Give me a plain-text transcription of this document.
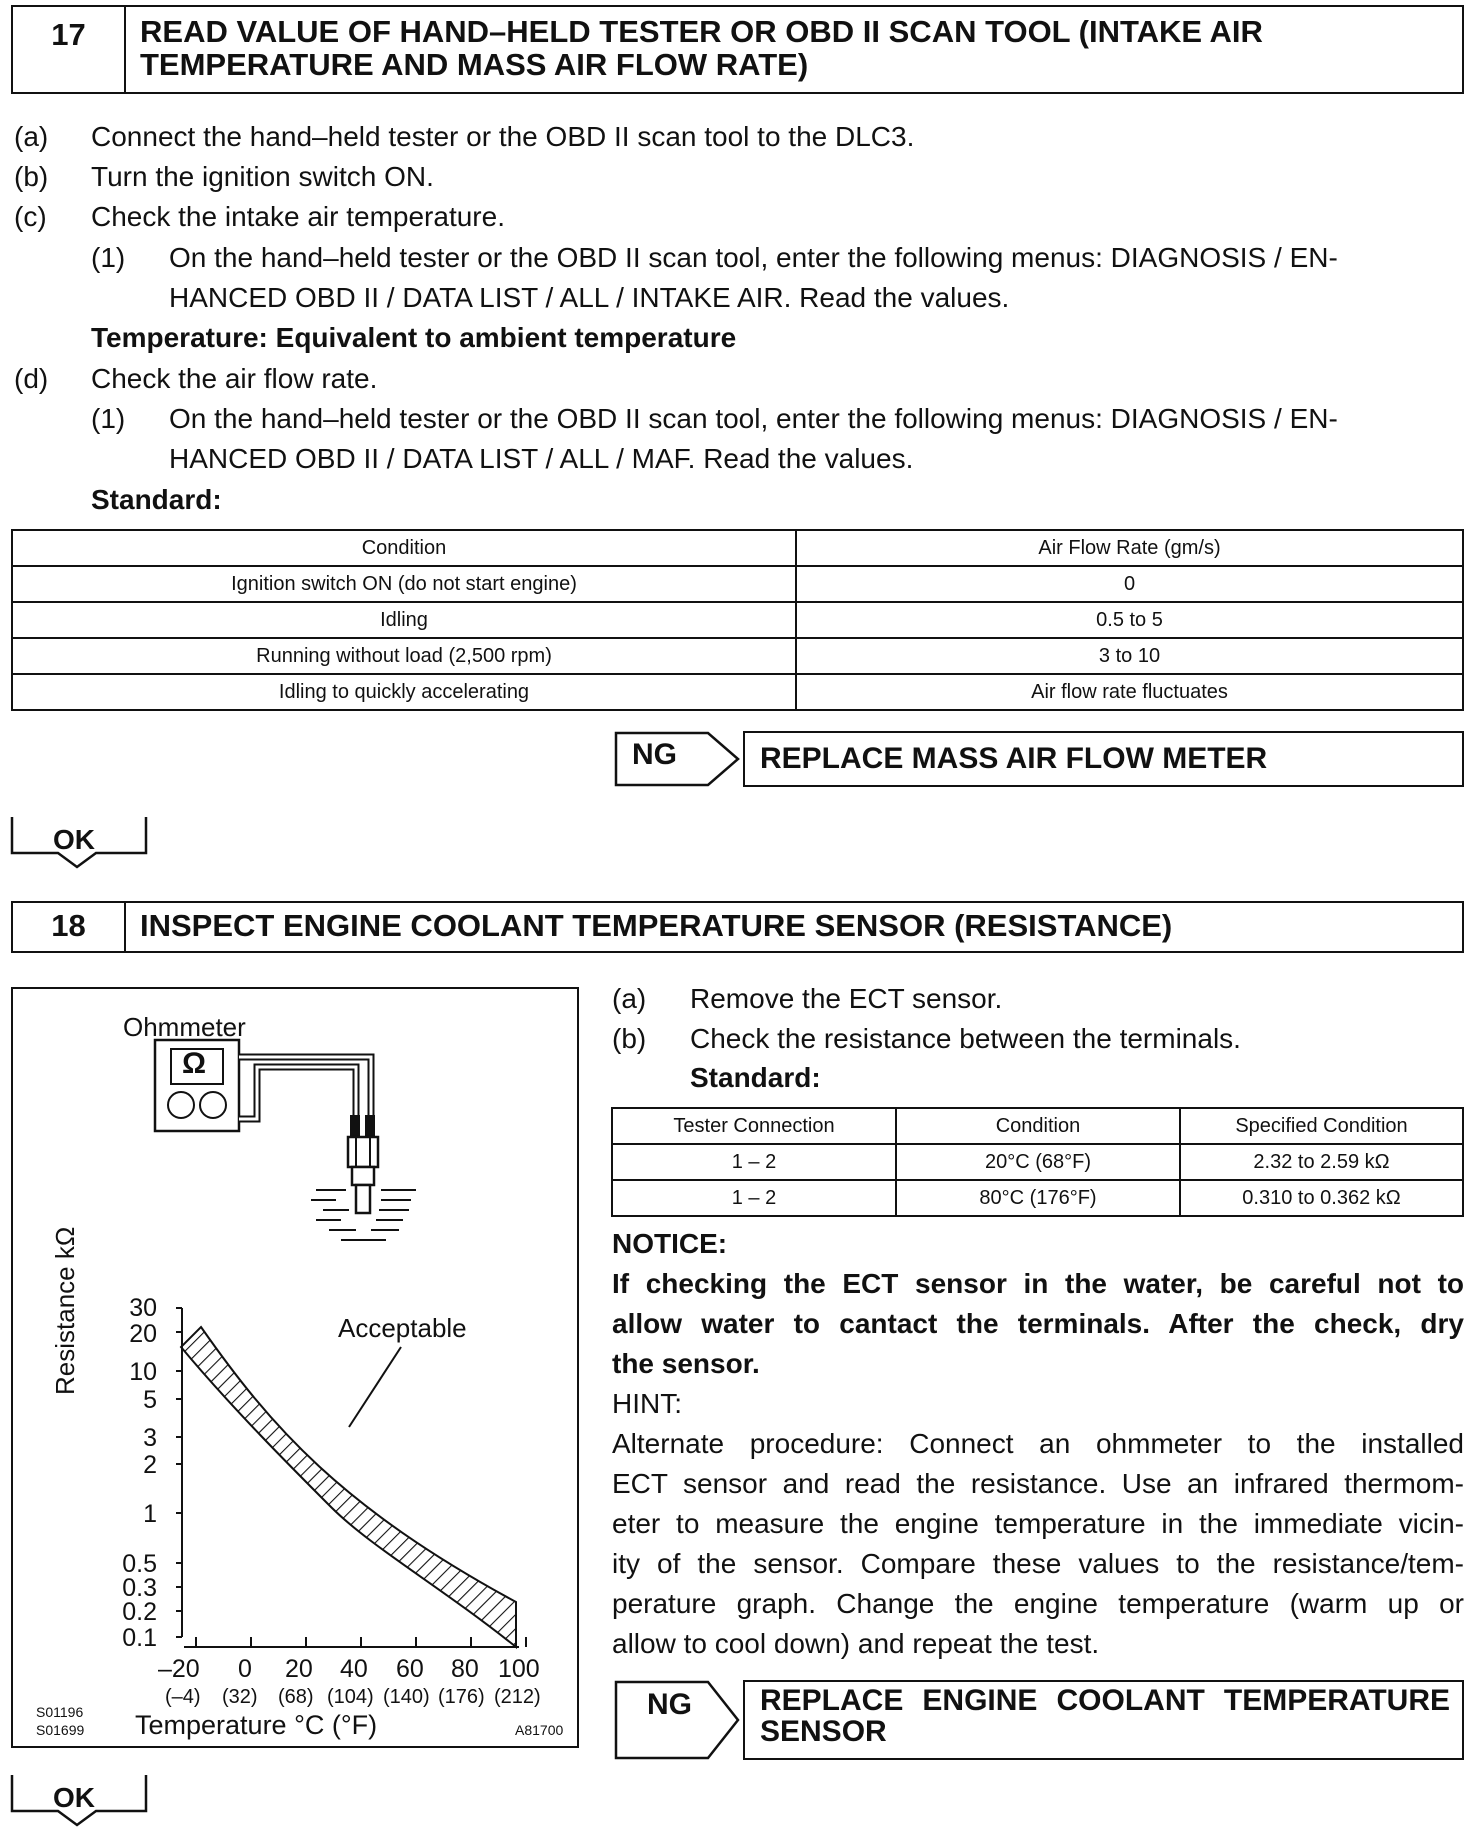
17	READ VALUE OF HAND–HELD TESTER OR OBD II SCAN TOOL (INTAKE AIR
TEMPERATURE AND MASS AIR FLOW RATE)
(a) Connect the hand–held tester or the OBD II scan tool to the DLC3.
(b) Turn the ignition switch ON.
(c) Check the intake air temperature.
(1) On the hand–held tester or the OBD II scan tool, enter the following menus: DIAGNOSIS / EN-
HANCED OBD II / DATA LIST / ALL / INTAKE AIR. Read the values.
Temperature: Equivalent to ambient temperature
(d) Check the air flow rate.
(1) On the hand–held tester or the OBD II scan tool, enter the following menus: DIAGNOSIS / EN-
HANCED OBD II / DATA LIST / ALL / MAF. Read the values.
Standard:
Condition	Air Flow Rate (gm/s)
Ignition switch ON (do not start engine)	0
Idling	0.5 to 5
Running without load (2,500 rpm)	3 to 10
Idling to quickly accelerating	Air flow rate fluctuates
NG	REPLACE MASS AIR FLOW METER
OK
18	INSPECT ENGINE COOLANT TEMPERATURE SENSOR (RESISTANCE)
Ohmmeter
Ω
Acceptable
Resistance kΩ 30
20
10
5
3
2
1
0.5
0.3
0.2
0.1
–20 0 20 40 60 80 100
(–4) (32) (68) (104) (140) (176) (212)
Temperature °C (°F)
S01196
S01699	A81700
(a) Remove the ECT sensor.
(b) Check the resistance between the terminals.
Standard:
Tester Connection	Condition	Specified Condition
1 – 2	20°C (68°F)	2.32 to 2.59 kΩ
1 – 2	80°C (176°F)	0.310 to 0.362 kΩ
NOTICE:
If checking the ECT sensor in the water, be careful not to
allow water to cantact the terminals. After the check, dry
the sensor.
HINT:
Alternate procedure: Connect an ohmmeter to the installed
ECT sensor and read the resistance. Use an infrared thermom-
eter to measure the engine temperature in the immediate vicin-
ity of the sensor. Compare these values to the resistance/tem-
perature graph. Change the engine temperature (warm up or
allow to cool down) and repeat the test.
NG REPLACE ENGINE COOLANT TEMPERATURE
SENSOR
OK
